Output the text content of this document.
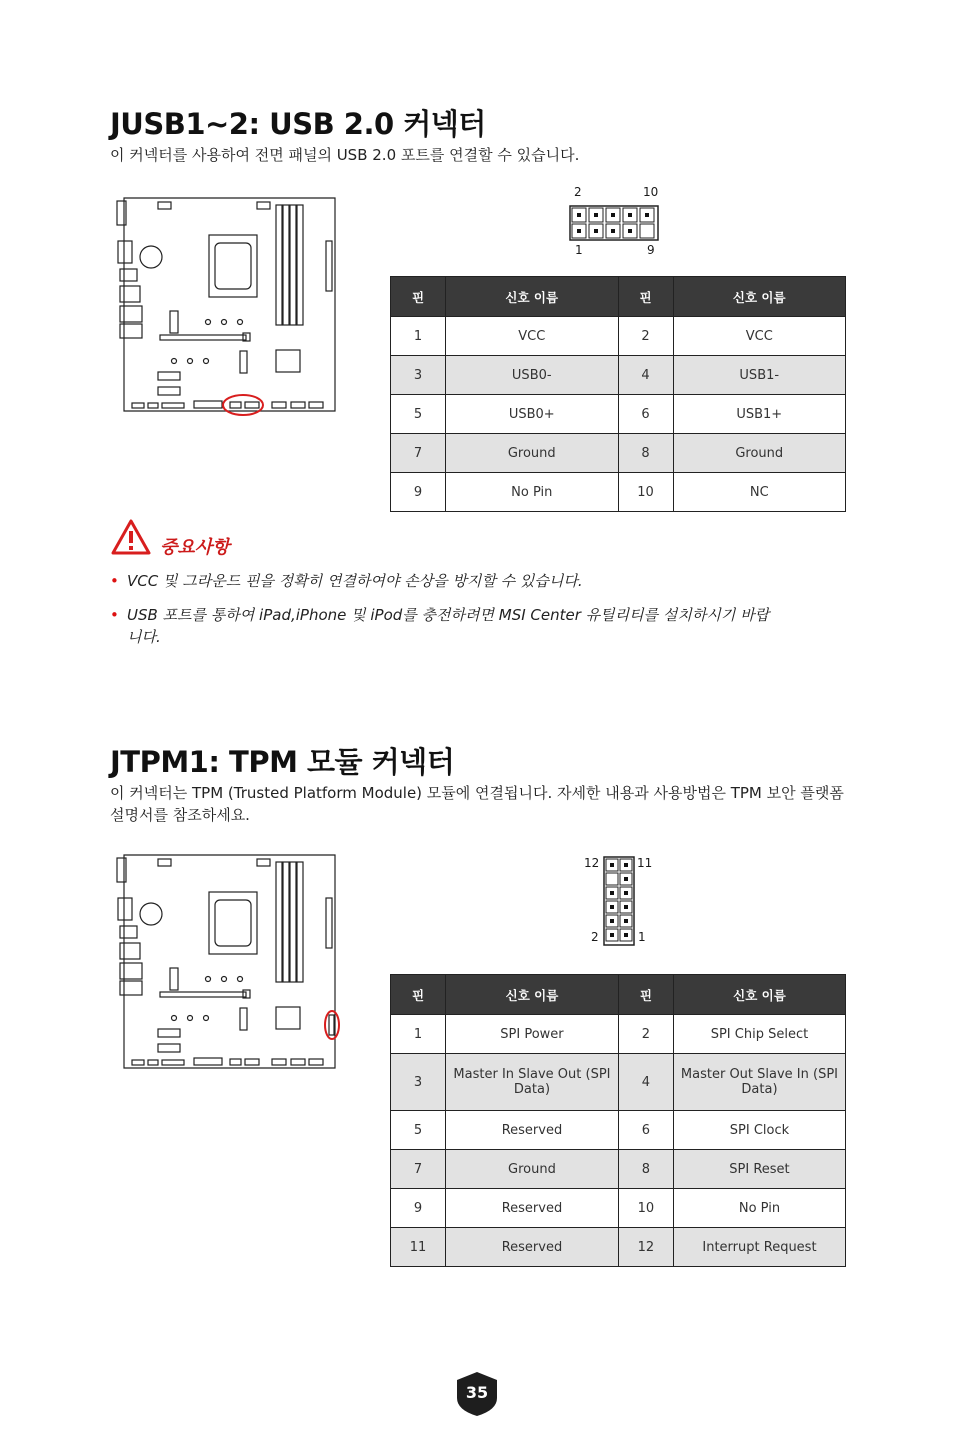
JUSB1~2: USB 2.0 커넥터
이 커넥터를 사용하여 전면 패널의 USB 2.0 포트를 연결할 수 있습니다.
2	10
1	9
핀	신호 이름	핀	신호 이름
1	VCC	2	VCC
3	USB0-	4	USB1-
5	USB0+	6	USB1+
7	Ground	8	Ground
9	No Pin	10	NC
중요사항
• VCC 및 그라운드 핀을 정확히 연결하여야 손상을 방지할 수 있습니다.
• USB 포트를 통하여 iPad,iPhone 및 iPod를 충전하려면 MSI Center 유틸리티를 설치하시기 바랍니다.
JTPM1: TPM 모듈 커넥터
이 커넥터는 TPM (Trusted Platform Module) 모듈에 연결됩니다. 자세한 내용과 사용방법은 TPM 보안 플랫폼 설명서를 참조하세요.
12	11
2	1
핀	신호 이름	핀	신호 이름
1	SPI Power	2	SPI Chip Select
3	Master In Slave Out (SPI Data)	4	Master Out Slave In (SPI Data)
5	Reserved	6	SPI Clock
7	Ground	8	SPI Reset
9	Reserved	10	No Pin
11	Reserved	12	Interrupt Request
35
